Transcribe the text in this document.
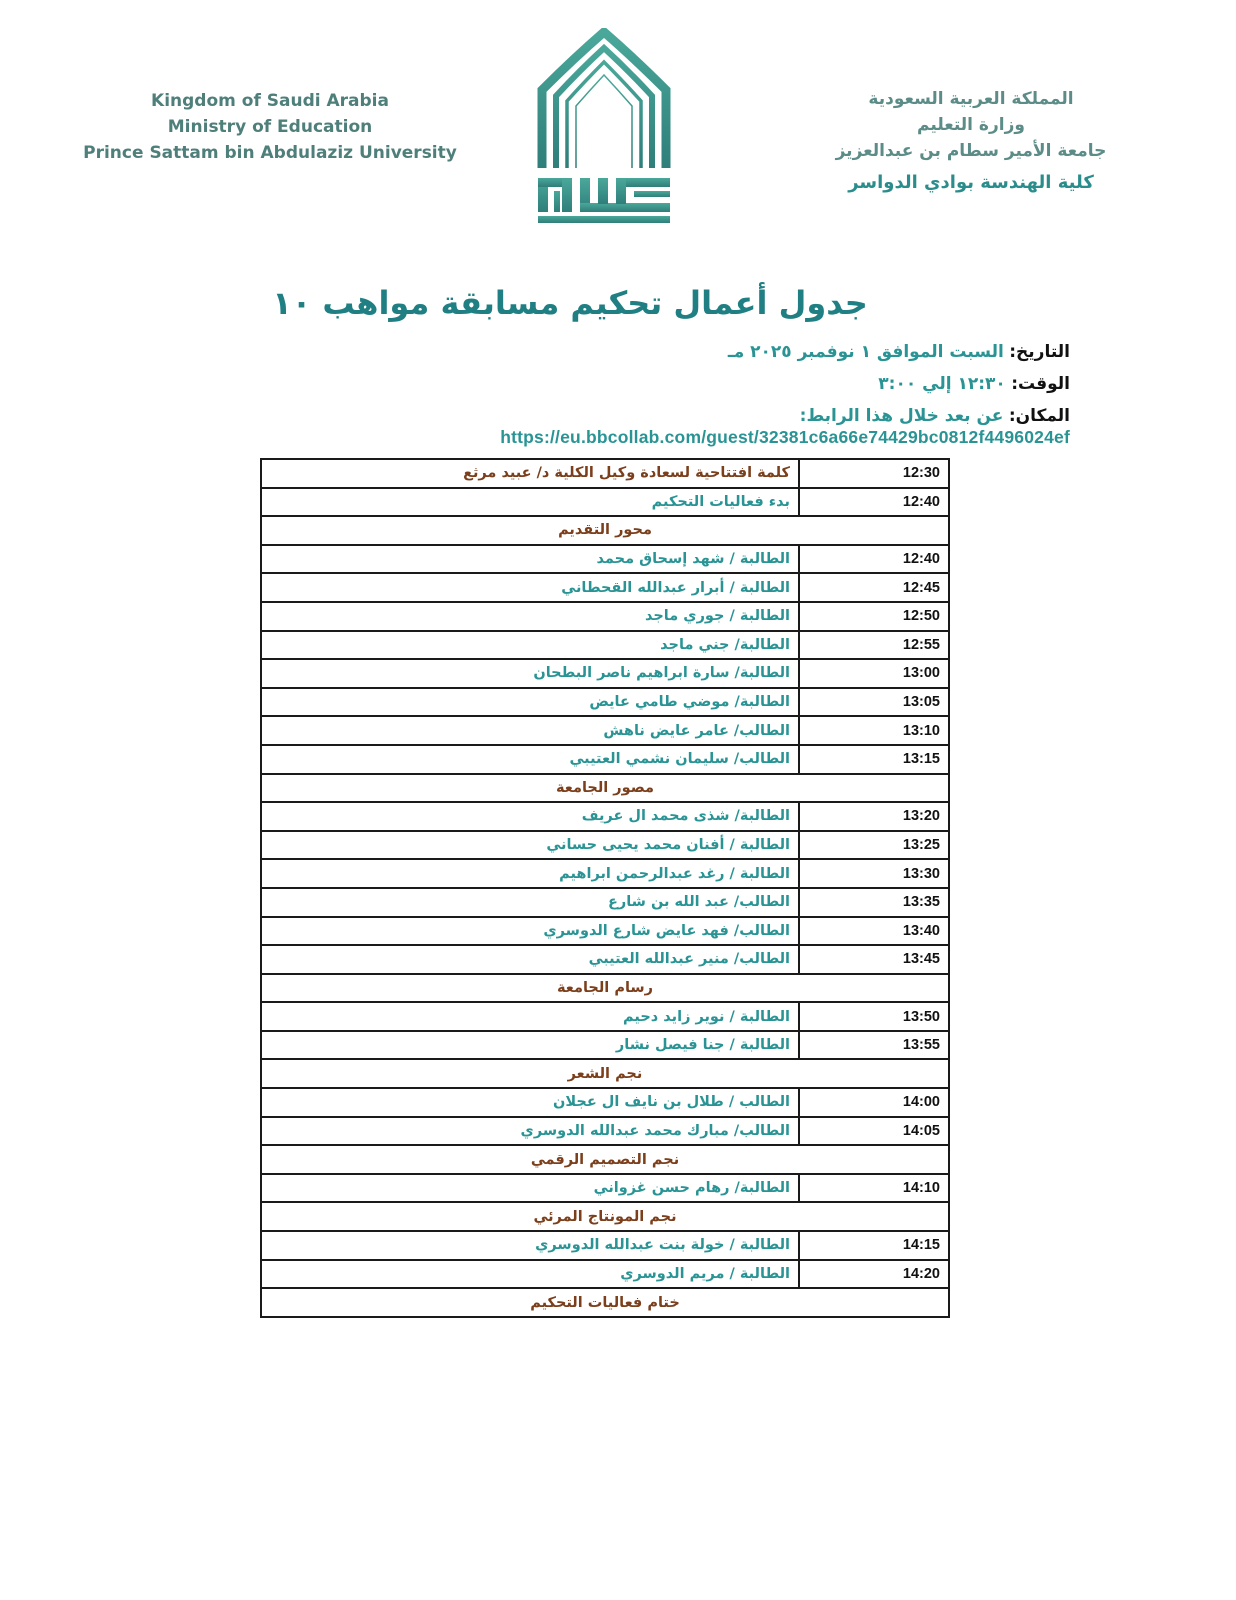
Kingdom of Saudi Arabia
Ministry of Education
Prince Sattam bin Abdulaziz University
المملكة العربية السعودية
وزارة التعليم
جامعة الأمير سطام بن عبدالعزيز
كلية الهندسة بوادي الدواسر
جدول أعمال تحكيم مسابقة مواهب ١٠
التاريخ: السبت الموافق ١ نوفمبر ٢٠٢٥ مـ
الوقت: ١٢:٣٠ إلي ٣:٠٠
المكان: عن بعد خلال هذا الرابط:
https://eu.bbcollab.com/guest/32381c6a66e74429bc0812f4496024ef
كلمة افتتاحية لسعادة وكيل الكلية د/ عبيد مرثع	12:30
بدء فعاليات التحكيم	12:40
محور التقديم	
الطالبة / شهد إسحاق محمد	12:40
الطالبة / أبرار عبدالله القحطاني	12:45
الطالبة / جوري ماجد	12:50
الطالبة/ جني ماجد	12:55
الطالبة/ سارة ابراهيم ناصر البطحان	13:00
الطالبة/ موضي طامي عايض	13:05
الطالب/ عامر عايض ناهش	13:10
الطالب/ سليمان نشمي العتيبي	13:15
مصور الجامعة	
الطالبة/ شذى محمد ال عريف	13:20
الطالبة / أفنان محمد يحيى حساني	13:25
الطالبة / رغد عبدالرحمن ابراهيم	13:30
الطالب/ عبد الله بن شارع	13:35
الطالب/ فهد عايض شارع الدوسري	13:40
الطالب/ منير عبدالله العتيبي	13:45
رسام الجامعة	
الطالبة / نوير زايد دحيم	13:50
الطالبة / جنا فيصل نشار	13:55
نجم الشعر	
الطالب / طلال بن نايف ال عجلان	14:00
الطالب/ مبارك محمد عبدالله الدوسري	14:05
نجم التصميم الرقمي	
الطالبة/ رهام حسن غزواني	14:10
نجم المونتاج المرئي	
الطالبة / خولة بنت عبدالله الدوسري	14:15
الطالبة / مريم الدوسري	14:20
ختام فعاليات التحكيم	
